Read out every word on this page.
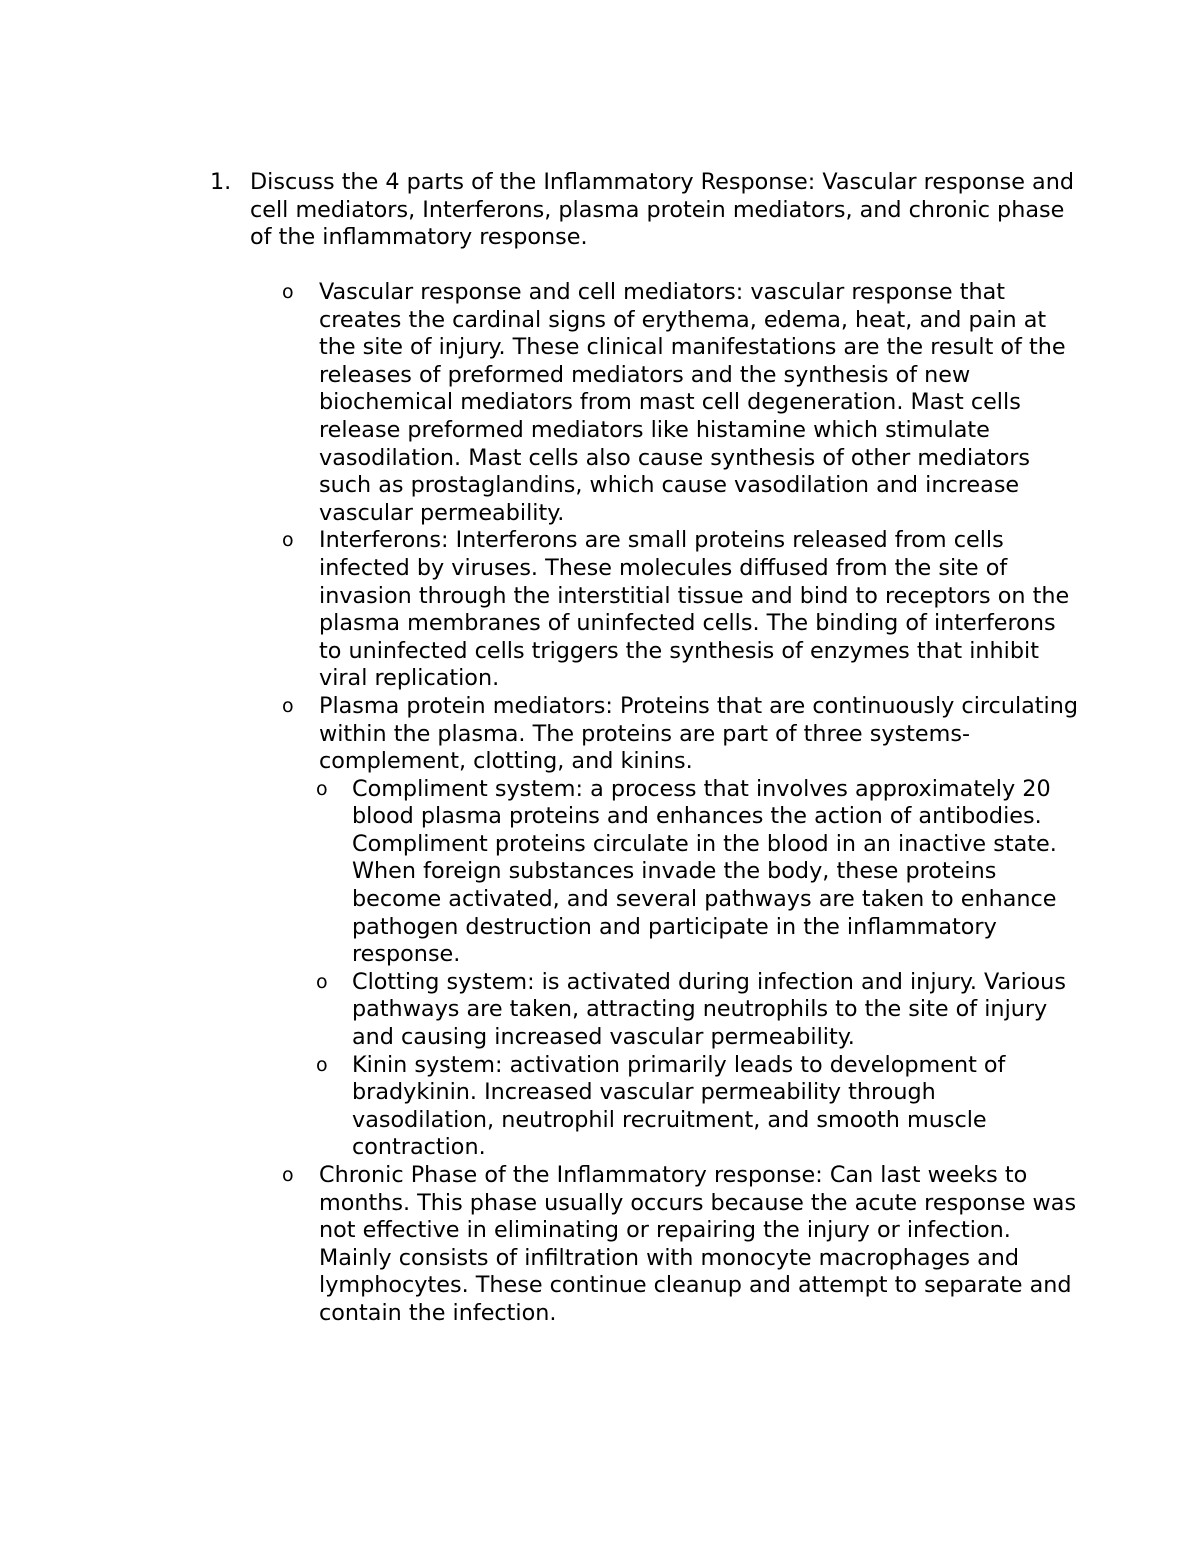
1. Discuss the 4 parts of the Inflammatory Response: Vascular response and cell mediators, Interferons, plasma protein mediators, and chronic phase of the inflammatory response.
o Vascular response and cell mediators: vascular response that creates the cardinal signs of erythema, edema, heat, and pain at the site of injury. These clinical manifestations are the result of the releases of preformed mediators and the synthesis of new biochemical mediators from mast cell degeneration. Mast cells release preformed mediators like histamine which stimulate vasodilation. Mast cells also cause synthesis of other mediators such as prostaglandins, which cause vasodilation and increase vascular permeability.
o Interferons: Interferons are small proteins released from cells infected by viruses. These molecules diffused from the site of invasion through the interstitial tissue and bind to receptors on the plasma membranes of uninfected cells. The binding of interferons to uninfected cells triggers the synthesis of enzymes that inhibit viral replication.
o Plasma protein mediators: Proteins that are continuously circulating within the plasma. The proteins are part of three systems- complement, clotting, and kinins.
o Compliment system: a process that involves approximately 20 blood plasma proteins and enhances the action of antibodies. Compliment proteins circulate in the blood in an inactive state. When foreign substances invade the body, these proteins become activated, and several pathways are taken to enhance pathogen destruction and participate in the inflammatory response.
o Clotting system: is activated during infection and injury. Various pathways are taken, attracting neutrophils to the site of injury and causing increased vascular permeability.
o Kinin system: activation primarily leads to development of bradykinin. Increased vascular permeability through vasodilation, neutrophil recruitment, and smooth muscle contraction.
o Chronic Phase of the Inflammatory response: Can last weeks to months. This phase usually occurs because the acute response was not effective in eliminating or repairing the injury or infection. Mainly consists of infiltration with monocyte macrophages and lymphocytes. These continue cleanup and attempt to separate and contain the infection.
